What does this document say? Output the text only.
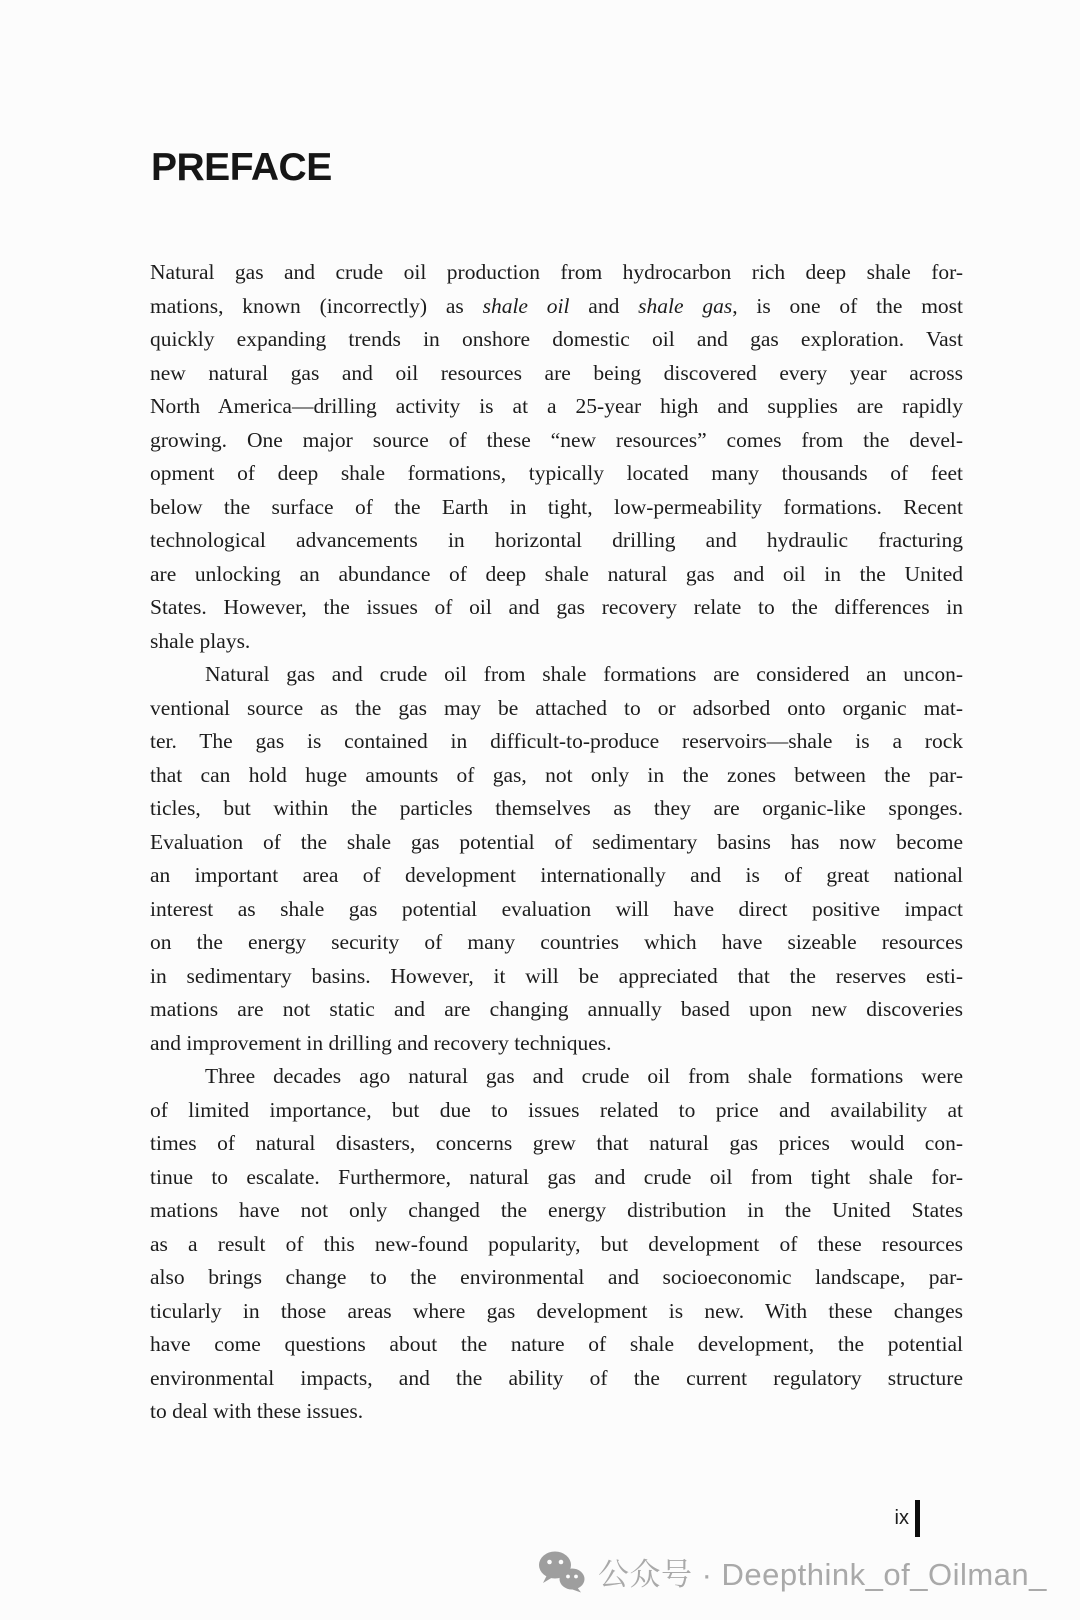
PREFACE
Natural gas and crude oil production from hydrocarbon rich deep shale for-
mations, known (incorrectly) as shale oil and shale gas, is one of the most
quickly expanding trends in onshore domestic oil and gas exploration. Vast
new natural gas and oil resources are being discovered every year across
North America—drilling activity is at a 25-year high and supplies are rapidly
growing. One major source of these “new resources” comes from the devel-
opment of deep shale formations, typically located many thousands of feet
below the surface of the Earth in tight, low-permeability formations. Recent
technological advancements in horizontal drilling and hydraulic fracturing
are unlocking an abundance of deep shale natural gas and oil in the United
States. However, the issues of oil and gas recovery relate to the differences in
shale plays.
Natural gas and crude oil from shale formations are considered an uncon-
ventional source as the gas may be attached to or adsorbed onto organic mat-
ter. The gas is contained in difficult-to-produce reservoirs—shale is a rock
that can hold huge amounts of gas, not only in the zones between the par-
ticles, but within the particles themselves as they are organic-like sponges.
Evaluation of the shale gas potential of sedimentary basins has now become
an important area of development internationally and is of great national
interest as shale gas potential evaluation will have direct positive impact
on the energy security of many countries which have sizeable resources
in sedimentary basins. However, it will be appreciated that the reserves esti-
mations are not static and are changing annually based upon new discoveries
and improvement in drilling and recovery techniques.
Three decades ago natural gas and crude oil from shale formations were
of limited importance, but due to issues related to price and availability at
times of natural disasters, concerns grew that natural gas prices would con-
tinue to escalate. Furthermore, natural gas and crude oil from tight shale for-
mations have not only changed the energy distribution in the United States
as a result of this new-found popularity, but development of these resources
also brings change to the environmental and socioeconomic landscape, par-
ticularly in those areas where gas development is new. With these changes
have come questions about the nature of shale development, the potential
environmental impacts, and the ability of the current regulatory structure
to deal with these issues.
ix
公众号 · Deepthink_of_Oilman_
